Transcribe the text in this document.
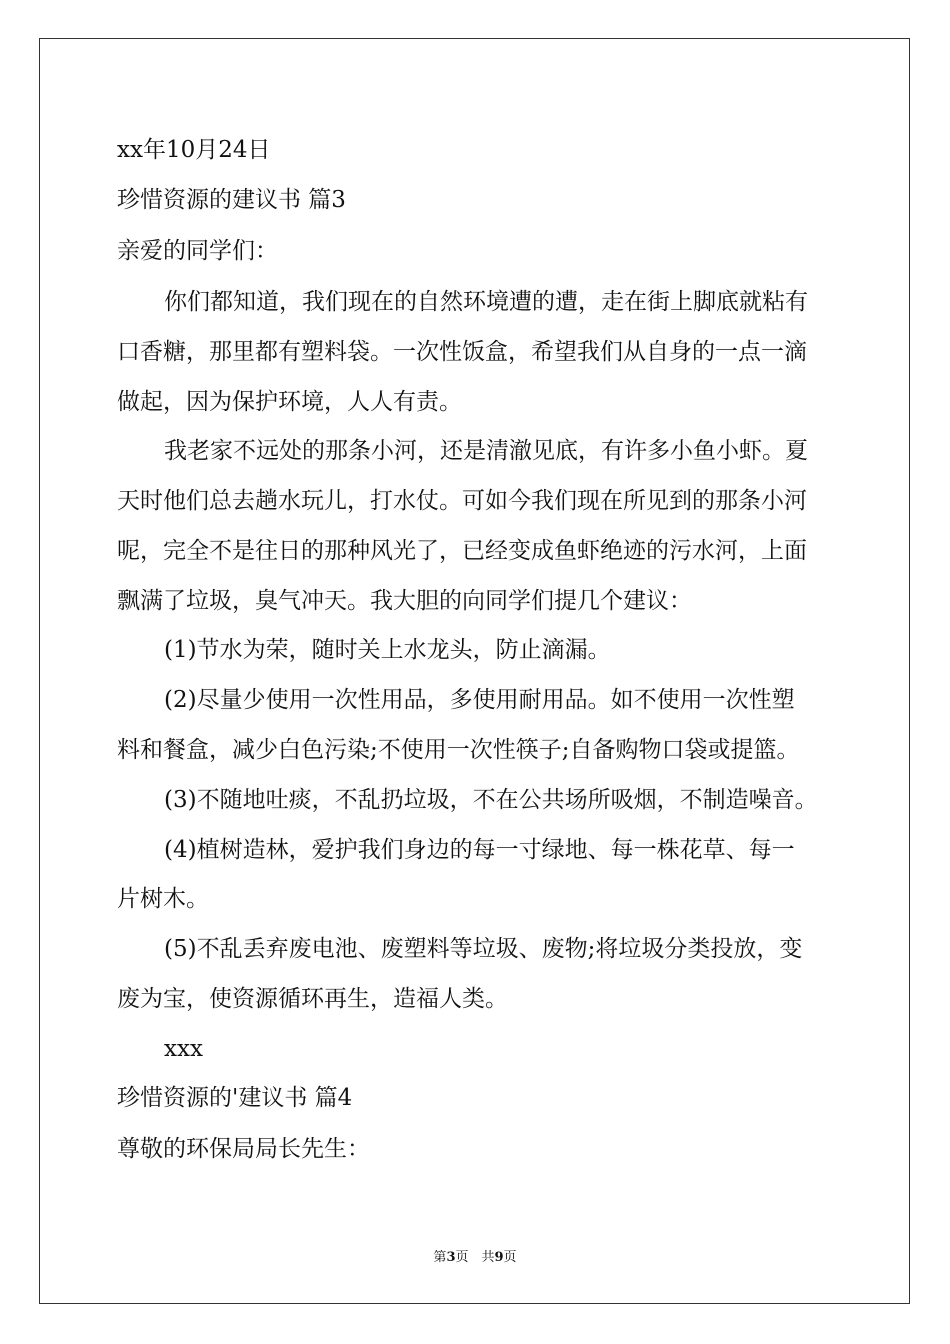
xx年10月24日
珍惜资源的建议书 篇3
亲爱的同学们：
你们都知道，我们现在的自然环境遭的遭，走在街上脚底就粘有
口香糖，那里都有塑料袋。一次性饭盒，希望我们从自身的一点一滴
做起，因为保护环境，人人有责。
我老家不远处的那条小河，还是清澈见底，有许多小鱼小虾。夏
天时他们总去趟水玩儿，打水仗。可如今我们现在所见到的那条小河
呢，完全不是往日的那种风光了，已经变成鱼虾绝迹的污水河，上面
飘满了垃圾，臭气冲天。我大胆的向同学们提几个建议：
(1)节水为荣，随时关上水龙头，防止滴漏。
(2)尽量少使用一次性用品，多使用耐用品。如不使用一次性塑
料和餐盒，减少白色污染;不使用一次性筷子;自备购物口袋或提篮。
(3)不随地吐痰，不乱扔垃圾，不在公共场所吸烟，不制造噪音。
(4)植树造林，爱护我们身边的每一寸绿地、每一株花草、每一
片树木。
(5)不乱丢弃废电池、废塑料等垃圾、废物;将垃圾分类投放，变
废为宝，使资源循环再生，造福人类。
xxx
珍惜资源的'建议书 篇4
尊敬的环保局局长先生：
第3页　共9页
